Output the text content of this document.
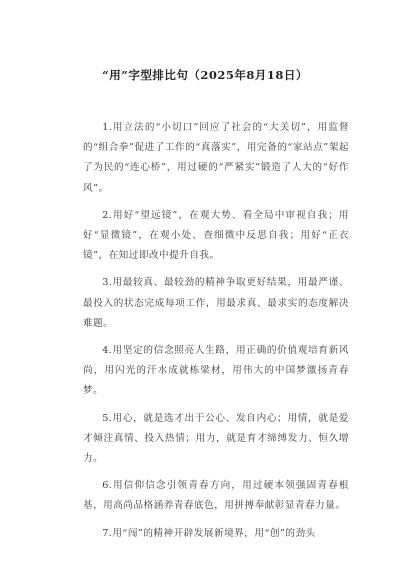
“用”字型排比句（2025年8月18日）

1.用立法的“小切口”回应了社会的“大关切”，用监督的“组合拳”促进了工作的“真落实”，用完备的“家站点”架起了为民的“连心桥”，用过硬的“严紧实”锻造了人大的“好作风”。

2.用好“望远镜”，在观大势、看全局中审视自我；用好“显微镜”，在观小处、查细微中反思自我；用好“正衣镜”，在知过即改中提升自我。

3.用最较真、最较劲的精神争取更好结果，用最严谨、最投入的状态完成每项工作，用最求真、最求实的态度解决难题。

4.用坚定的信念照亮人生路，用正确的价值观培育新风尚，用闪光的汗水成就栋梁材，用伟大的中国梦激扬青春梦。

5.用心，就是选才出于公心、发自内心；用情，就是爱才倾注真情、投入热情；用力，就是育才缔缚发力、恒久增力。

6.用信仰信念引领青春方向，用过硬本领强固青春根基，用高尚品格涵养青春底色，用拼搏奉献彰显青春力量。

7.用“闯”的精神开辟发展新境界，用“创”的劲头
